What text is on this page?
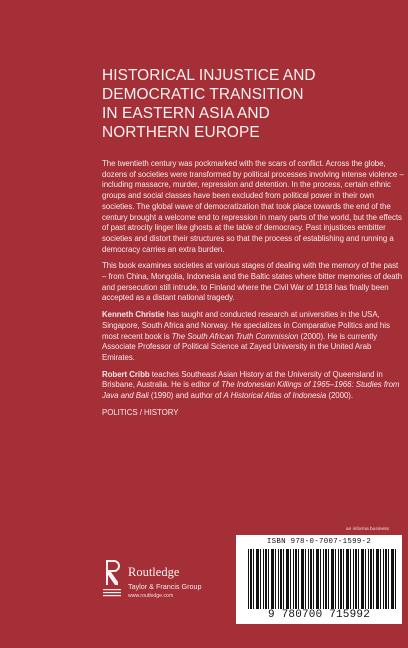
HISTORICAL INJUSTICE AND
DEMOCRATIC TRANSITION
IN EASTERN ASIA AND
NORTHERN EUROPE

The twentieth century was pockmarked with the scars of conflict. Across the globe, dozens of societies were transformed by political processes involving intense violence – including massacre, murder, repression and detention. In the process, certain ethnic groups and social classes have been excluded from political power in their own societies. The global wave of democratization that took place towards the end of the century brought a welcome end to repression in many parts of the world, but the effects of past atrocity linger like ghosts at the table of democracy. Past injustices embitter societies and distort their structures so that the process of establishing and running a democracy carries an extra burden.

This book examines societies at various stages of dealing with the memory of the past – from China, Mongolia, Indonesia and the Baltic states where bitter memories of death and persecution still intrude, to Finland where the Civil War of 1918 has finally been accepted as a distant national tragedy.

Kenneth Christie has taught and conducted research at universities in the USA, Singapore, South Africa and Norway. He specializes in Comparative Politics and his most recent book is The South African Truth Commission (2000). He is currently Associate Professor of Political Science at Zayed University in the United Arab Emirates.

Robert Cribb teaches Southeast Asian History at the University of Queensland in Brisbane, Australia. He is editor of The Indonesian Killings of 1965–1966: Studies from Java and Bali (1990) and author of A Historical Atlas of Indonesia (2000).

POLITICS / HISTORY

an informa business
ISBN 978-0-7007-1599-2
9 780700 715992
Routledge
Taylor & Francis Group
www.routledge.com
